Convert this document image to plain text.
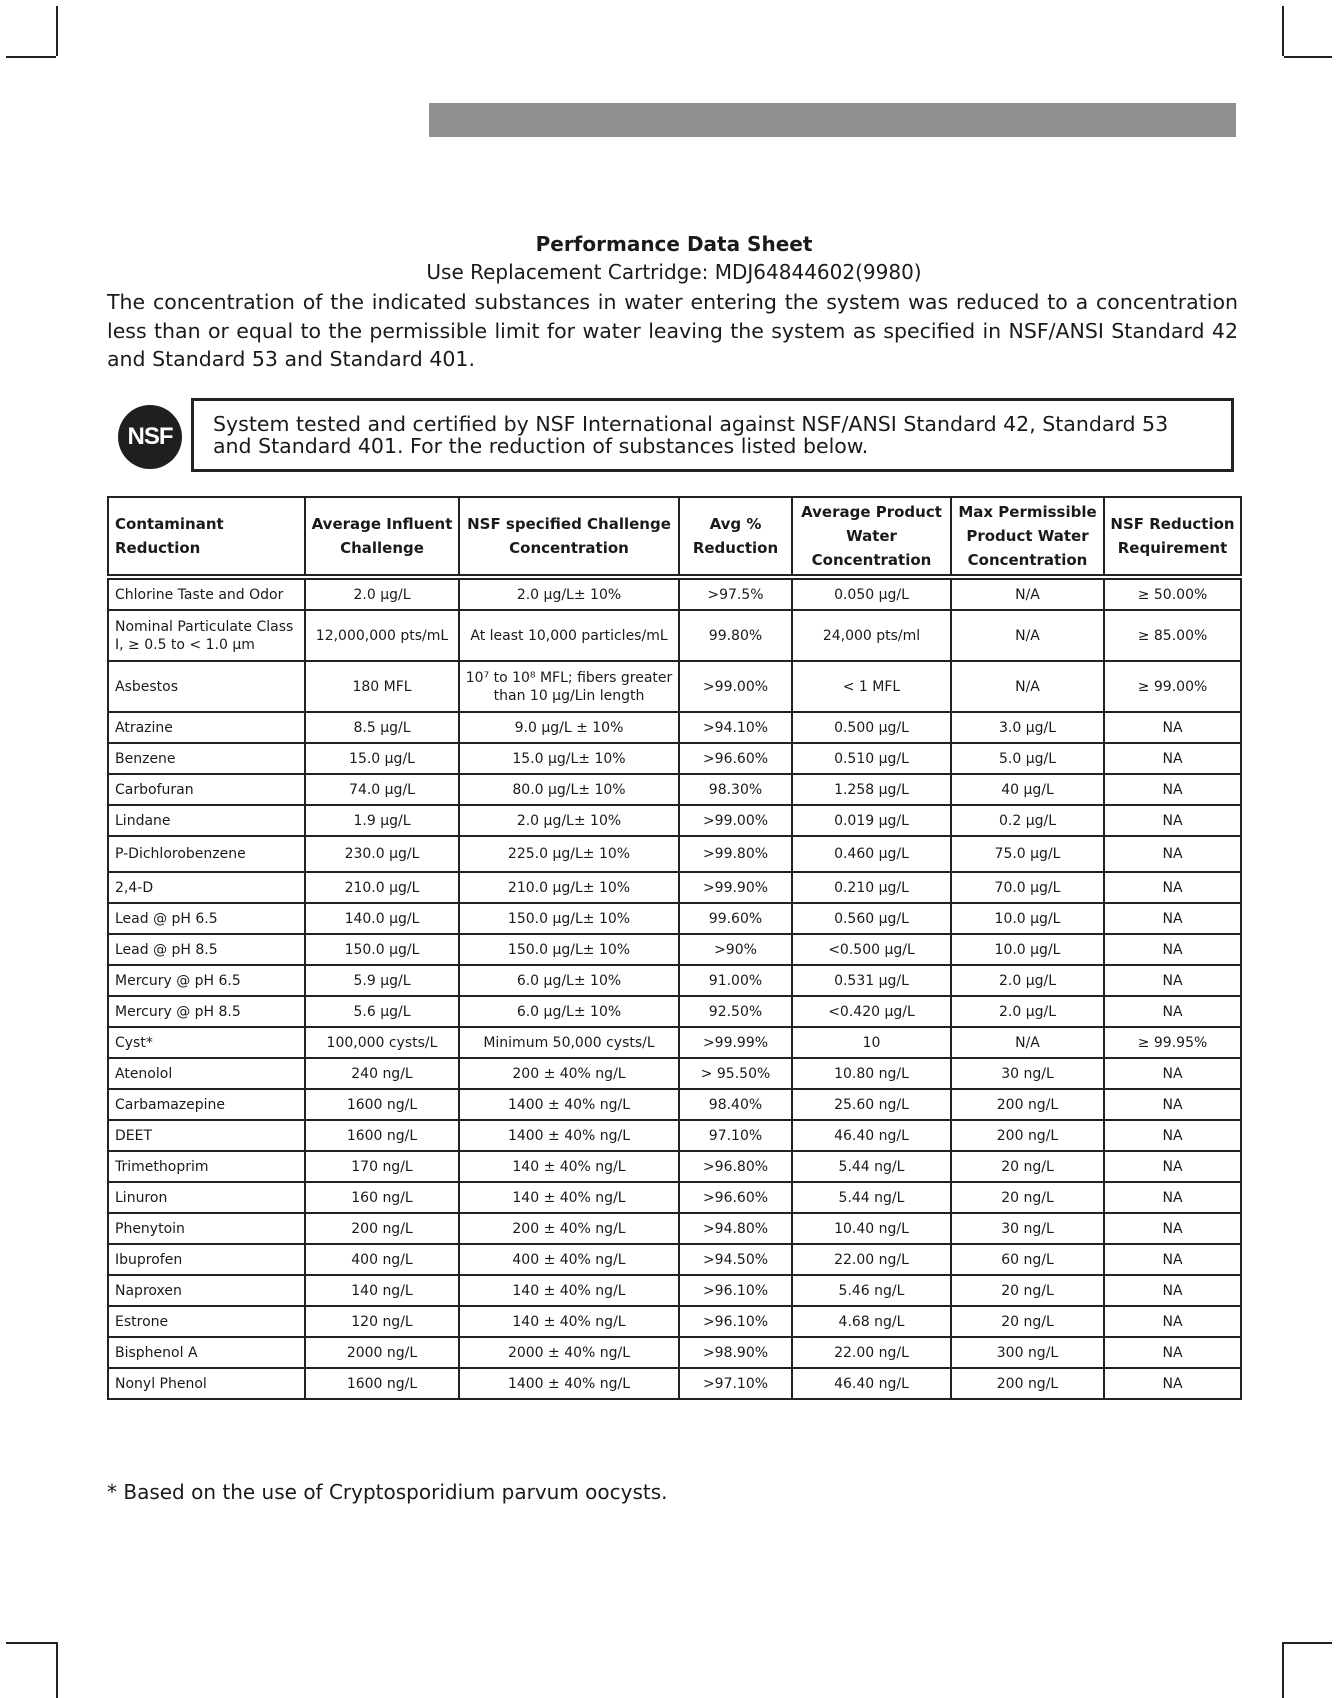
Performance Data Sheet
Use Replacement Cartridge: MDJ64844602(9980)
The concentration of the indicated substances in water entering the system was reduced to a concentration less than or equal to the permissible limit for water leaving the system as specified in NSF/ANSI Standard 42 and Standard 53 and Standard 401.
NSF	System tested and certified by NSF International against NSF/ANSI Standard 42, Standard 53 and Standard 401. For the reduction of substances listed below.
Contaminant Reduction	Average Influent Challenge	NSF specified Challenge Concentration	Avg % Reduction	Average Product Water Concentration	Max Permissible Product Water Concentration	NSF Reduction Requirement
Chlorine Taste and Odor	2.0 µg/L	2.0 µg/L± 10%	>97.5%	0.050 µg/L	N/A	≥ 50.00%
Nominal Particulate Class I, ≥ 0.5 to < 1.0 µm	12,000,000 pts/mL	At least 10,000 particles/mL	99.80%	24,000 pts/ml	N/A	≥ 85.00%
Asbestos	180 MFL	10⁷ to 10⁸ MFL; fibers greater than 10 µg/Lin length	>99.00%	< 1 MFL	N/A	≥ 99.00%
Atrazine	8.5 µg/L	9.0 µg/L ± 10%	>94.10%	0.500 µg/L	3.0 µg/L	NA
Benzene	15.0 µg/L	15.0 µg/L± 10%	>96.60%	0.510 µg/L	5.0 µg/L	NA
Carbofuran	74.0 µg/L	80.0 µg/L± 10%	98.30%	1.258 µg/L	40 µg/L	NA
Lindane	1.9 µg/L	2.0 µg/L± 10%	>99.00%	0.019 µg/L	0.2 µg/L	NA
P-Dichlorobenzene	230.0 µg/L	225.0 µg/L± 10%	>99.80%	0.460 µg/L	75.0 µg/L	NA
2,4-D	210.0 µg/L	210.0 µg/L± 10%	>99.90%	0.210 µg/L	70.0 µg/L	NA
Lead @ pH 6.5	140.0 µg/L	150.0 µg/L± 10%	99.60%	0.560 µg/L	10.0 µg/L	NA
Lead @ pH 8.5	150.0 µg/L	150.0 µg/L± 10%	>90%	<0.500 µg/L	10.0 µg/L	NA
Mercury @ pH 6.5	5.9 µg/L	6.0 µg/L± 10%	91.00%	0.531 µg/L	2.0 µg/L	NA
Mercury @ pH 8.5	5.6 µg/L	6.0 µg/L± 10%	92.50%	<0.420 µg/L	2.0 µg/L	NA
Cyst*	100,000 cysts/L	Minimum 50,000 cysts/L	>99.99%	10	N/A	≥ 99.95%
Atenolol	240 ng/L	200 ± 40% ng/L	> 95.50%	10.80 ng/L	30 ng/L	NA
Carbamazepine	1600 ng/L	1400 ± 40% ng/L	98.40%	25.60 ng/L	200 ng/L	NA
DEET	1600 ng/L	1400 ± 40% ng/L	97.10%	46.40 ng/L	200 ng/L	NA
Trimethoprim	170 ng/L	140 ± 40% ng/L	>96.80%	5.44 ng/L	20 ng/L	NA
Linuron	160 ng/L	140 ± 40% ng/L	>96.60%	5.44 ng/L	20 ng/L	NA
Phenytoin	200 ng/L	200 ± 40% ng/L	>94.80%	10.40 ng/L	30 ng/L	NA
Ibuprofen	400 ng/L	400 ± 40% ng/L	>94.50%	22.00 ng/L	60 ng/L	NA
Naproxen	140 ng/L	140 ± 40% ng/L	>96.10%	5.46 ng/L	20 ng/L	NA
Estrone	120 ng/L	140 ± 40% ng/L	>96.10%	4.68 ng/L	20 ng/L	NA
Bisphenol A	2000 ng/L	2000 ± 40% ng/L	>98.90%	22.00 ng/L	300 ng/L	NA
Nonyl Phenol	1600 ng/L	1400 ± 40% ng/L	>97.10%	46.40 ng/L	200 ng/L	NA
* Based on the use of Cryptosporidium parvum oocysts.
